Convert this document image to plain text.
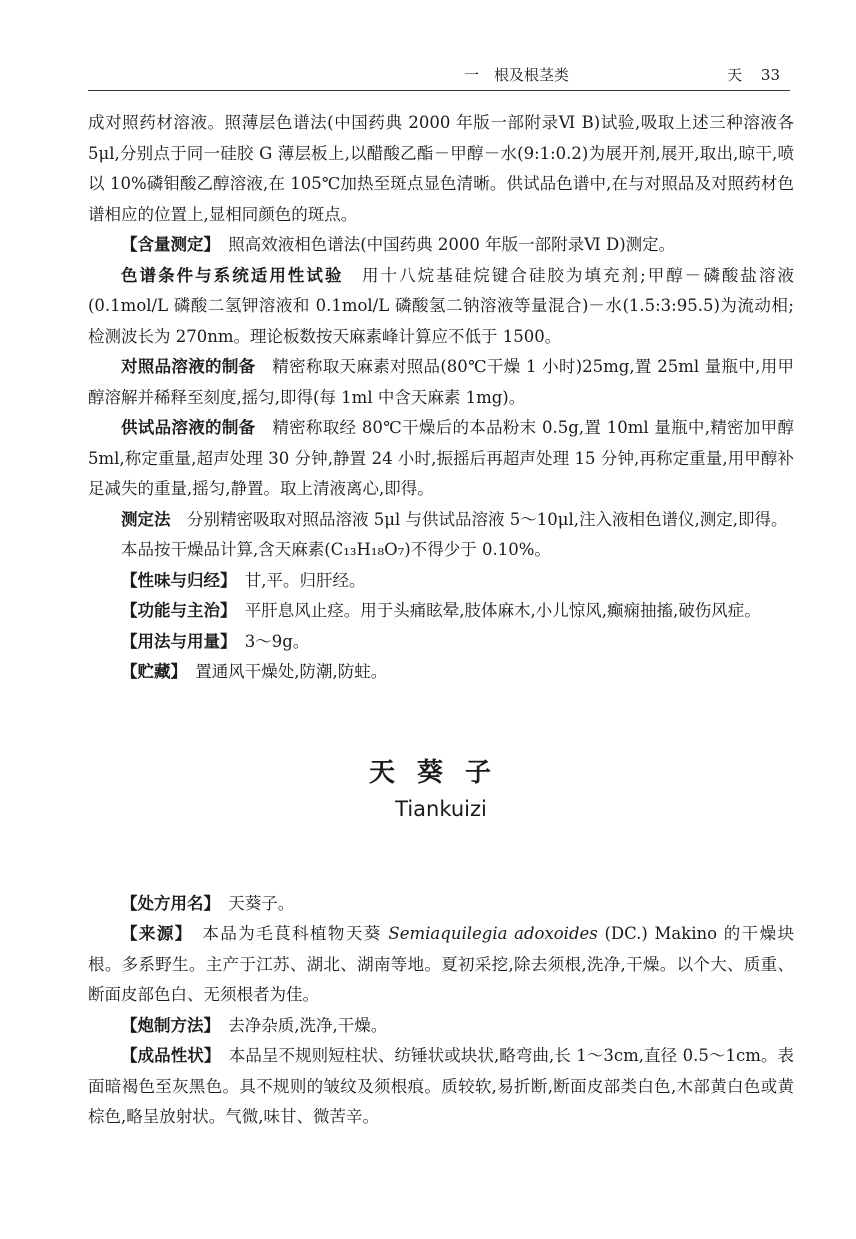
一　根及根茎类	天 33

成对照药材溶液。照薄层色谱法(中国药典 2000 年版一部附录Ⅵ B)试验,吸取上述三种溶液各 5μl,分别点于同一硅胶 G 薄层板上,以醋酸乙酯－甲醇－水(9:1:0.2)为展开剂,展开,取出,晾干,喷以 10%磷钼酸乙醇溶液,在 105℃加热至斑点显色清晰。供试品色谱中,在与对照品及对照药材色谱相应的位置上,显相同颜色的斑点。

【含量测定】　 照高效液相色谱法(中国药典 2000 年版一部附录Ⅵ D)测定。

色谱条件与系统适用性试验　 用十八烷基硅烷键合硅胶为填充剂;甲醇－磷酸盐溶液(0.1mol/L 磷酸二氢钾溶液和 0.1mol/L 磷酸氢二钠溶液等量混合)－水(1.5:3:95.5)为流动相;检测波长为 270nm。理论板数按天麻素峰计算应不低于 1500。

对照品溶液的制备　 精密称取天麻素对照品(80℃干燥 1 小时)25mg,置 25ml 量瓶中,用甲醇溶解并稀释至刻度,摇匀,即得(每 1ml 中含天麻素 1mg)。

供试品溶液的制备　 精密称取经 80℃干燥后的本品粉末 0.5g,置 10ml 量瓶中,精密加甲醇 5ml,称定重量,超声处理 30 分钟,静置 24 小时,振摇后再超声处理 15 分钟,再称定重量,用甲醇补足减失的重量,摇匀,静置。取上清液离心,即得。

测定法　 分别精密吸取对照品溶液 5μl 与供试品溶液 5～10μl,注入液相色谱仪,测定,即得。

本品按干燥品计算,含天麻素(C₁₃H₁₈O₇)不得少于 0.10%。

【性味与归经】　 甘,平。归肝经。

【功能与主治】　 平肝息风止痉。用于头痛眩晕,肢体麻木,小儿惊风,癫痫抽搐,破伤风症。

【用法与用量】　 3～9g。

【贮藏】　 置通风干燥处,防潮,防蛀。

天葵子
Tiankuizi

【处方用名】　 天葵子。

【来源】　 本品为毛茛科植物天葵 Semiaquilegia adoxoides (DC.) Makino 的干燥块根。多系野生。主产于江苏、湖北、湖南等地。夏初采挖,除去须根,洗净,干燥。以个大、质重、断面皮部色白、无须根者为佳。

【炮制方法】　 去净杂质,洗净,干燥。

【成品性状】　 本品呈不规则短柱状、纺锤状或块状,略弯曲,长 1～3cm,直径 0.5～1cm。表面暗褐色至灰黑色。具不规则的皱纹及须根痕。质较软,易折断,断面皮部类白色,木部黄白色或黄棕色,略呈放射状。气微,味甘、微苦辛。
